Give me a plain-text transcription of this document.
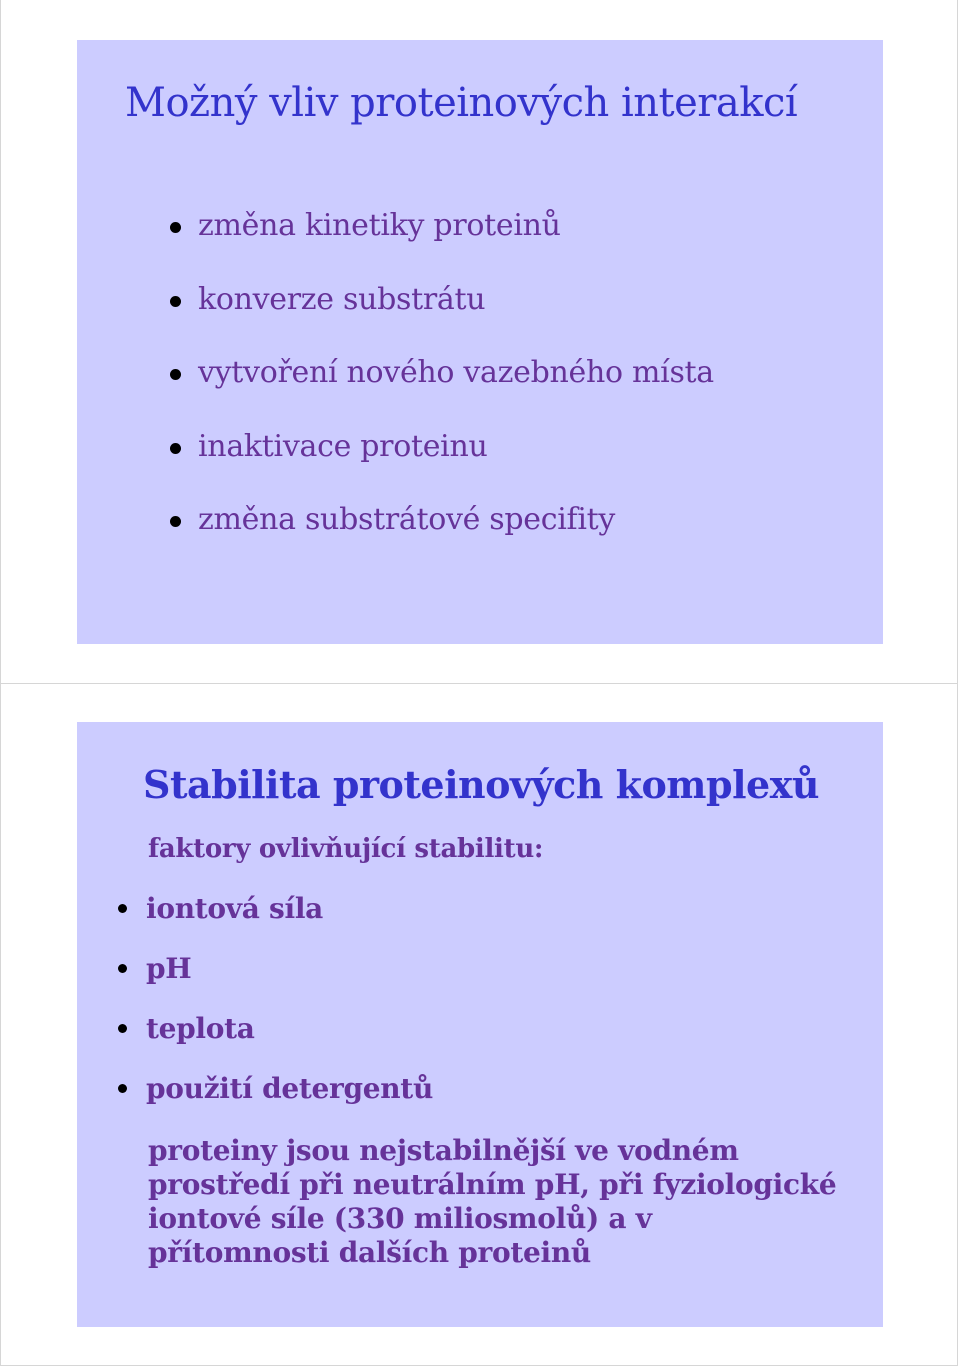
Možný vliv proteinových interakcí
změna kinetiky proteinů
konverze substrátu
vytvoření nového vazebného místa
inaktivace proteinu
změna substrátové specifity
Stabilita proteinových komplexů

faktory ovlivňující stabilitu:

iontová síla
pH
teplota
použití detergentů

proteiny jsou nejstabilnější ve vodném prostředí při neutrálním pH, při fyziologické iontové síle (330 miliosmolů) a v přítomnosti dalších proteinů
